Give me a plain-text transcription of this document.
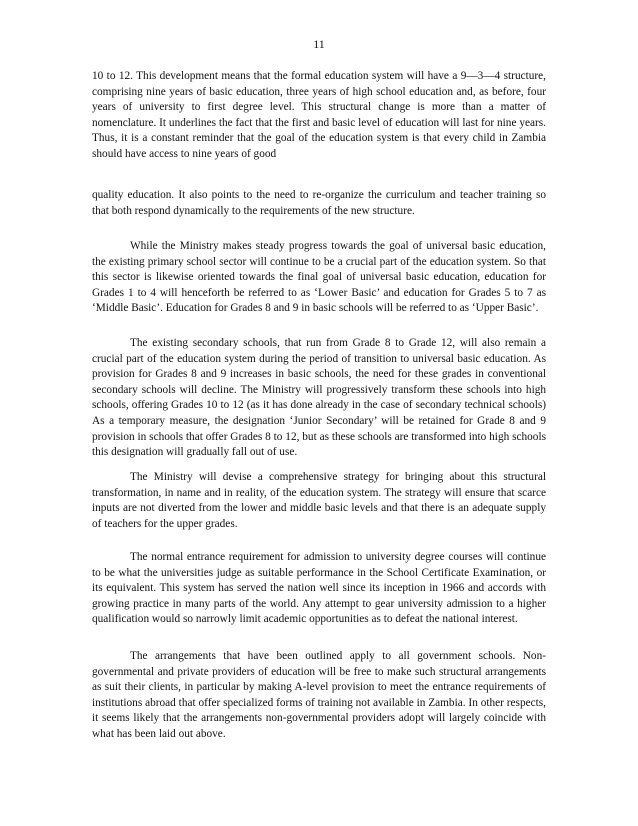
11

10 to 12. This development means that the formal education system will have a 9—3—4 structure, comprising nine years of basic education, three years of high school education and, as before, four years of university to first degree level. This structural change is more than a matter of nomenclature. It underlines the fact that the first and basic level of education will last for nine years. Thus, it is a constant reminder that the goal of the education system is that every child in Zambia should have access to nine years of good

quality education. It also points to the need to re-organize the curriculum and teacher training so that both respond dynamically to the requirements of the new structure.

While the Ministry makes steady progress towards the goal of universal basic education, the existing primary school sector will continue to be a crucial part of the education system. So that this sector is likewise oriented towards the final goal of universal basic education, education for Grades 1 to 4 will henceforth be referred to as ‘Lower Basic’ and education for Grades 5 to 7 as ‘Middle Basic’. Education for Grades 8 and 9 in basic schools will be referred to as ‘Upper Basic’.

The existing secondary schools, that run from Grade 8 to Grade 12, will also remain a crucial part of the education system during the period of transition to universal basic education. As provision for Grades 8 and 9 increases in basic schools, the need for these grades in conventional secondary schools will decline. The Ministry will progressively transform these schools into high schools, offering Grades 10 to 12 (as it has done already in the case of secondary technical schools) As a temporary measure, the designation ‘Junior Secondary’ will be retained for Grade 8 and 9 provision in schools that offer Grades 8 to 12, but as these schools are transformed into high schools this designation will gradually fall out of use.

The Ministry will devise a comprehensive strategy for bringing about this structural transformation, in name and in reality, of the education system. The strategy will ensure that scarce inputs are not diverted from the lower and middle basic levels and that there is an adequate supply of teachers for the upper grades.

The normal entrance requirement for admission to university degree courses will continue to be what the universities judge as suitable performance in the School Certificate Examination, or its equivalent. This system has served the nation well since its inception in 1966 and accords with growing practice in many parts of the world. Any attempt to gear university admission to a higher qualification would so narrowly limit academic opportunities as to defeat the national interest.

The arrangements that have been outlined apply to all government schools. Non-governmental and private providers of education will be free to make such structural arrangements as suit their clients, in particular by making A-level provision to meet the entrance requirements of institutions abroad that offer specialized forms of training not available in Zambia. In other respects, it seems likely that the arrangements non-governmental providers adopt will largely coincide with what has been laid out above.
